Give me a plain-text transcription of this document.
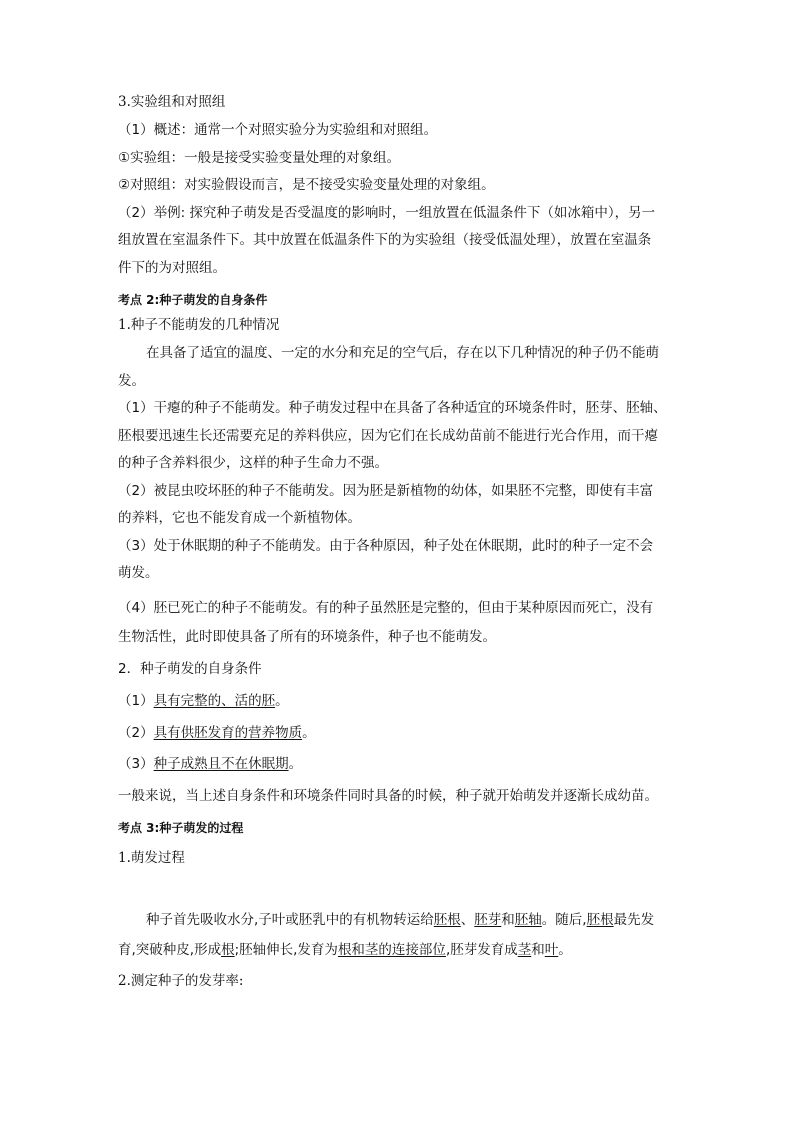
3.实验组和对照组
（1）概述：通常一个对照实验分为实验组和对照组。
①实验组：一般是接受实验变量处理的对象组。
②对照组：对实验假设而言，是不接受实验变量处理的对象组。
（2）举例: 探究种子萌发是否受温度的影响时，一组放置在低温条件下（如冰箱中），另一
组放置在室温条件下。其中放置在低温条件下的为实验组（接受低温处理），放置在室温条
件下的为对照组。
考点 2:种子萌发的自身条件
1.种子不能萌发的几种情况
在具备了适宜的温度、一定的水分和充足的空气后，存在以下几种情况的种子仍不能萌
发。
（1）干瘪的种子不能萌发。种子萌发过程中在具备了各种适宜的环境条件时，胚芽、胚轴、
胚根要迅速生长还需要充足的养料供应，因为它们在长成幼苗前不能进行光合作用，而干瘪
的种子含养料很少，这样的种子生命力不强。
（2）被昆虫咬坏胚的种子不能萌发。因为胚是新植物的幼体，如果胚不完整，即使有丰富
的养料，它也不能发育成一个新植物体。
（3）处于休眠期的种子不能萌发。由于各种原因，种子处在休眠期，此时的种子一定不会
萌发。
（4）胚已死亡的种子不能萌发。有的种子虽然胚是完整的，但由于某种原因而死亡，没有
生物活性，此时即使具备了所有的环境条件，种子也不能萌发。
2．种子萌发的自身条件
（1）具有完整的、活的胚。
（2）具有供胚发育的营养物质。
（3）种子成熟且不在休眠期。
一般来说，当上述自身条件和环境条件同时具备的时候，种子就开始萌发并逐渐长成幼苗。
考点 3:种子萌发的过程
1.萌发过程
种子首先吸收水分,子叶或胚乳中的有机物转运给胚根、胚芽和胚轴。随后,胚根最先发
育,突破种皮,形成根;胚轴伸长,发育为根和茎的连接部位,胚芽发育成茎和叶。
2.测定种子的发芽率:
